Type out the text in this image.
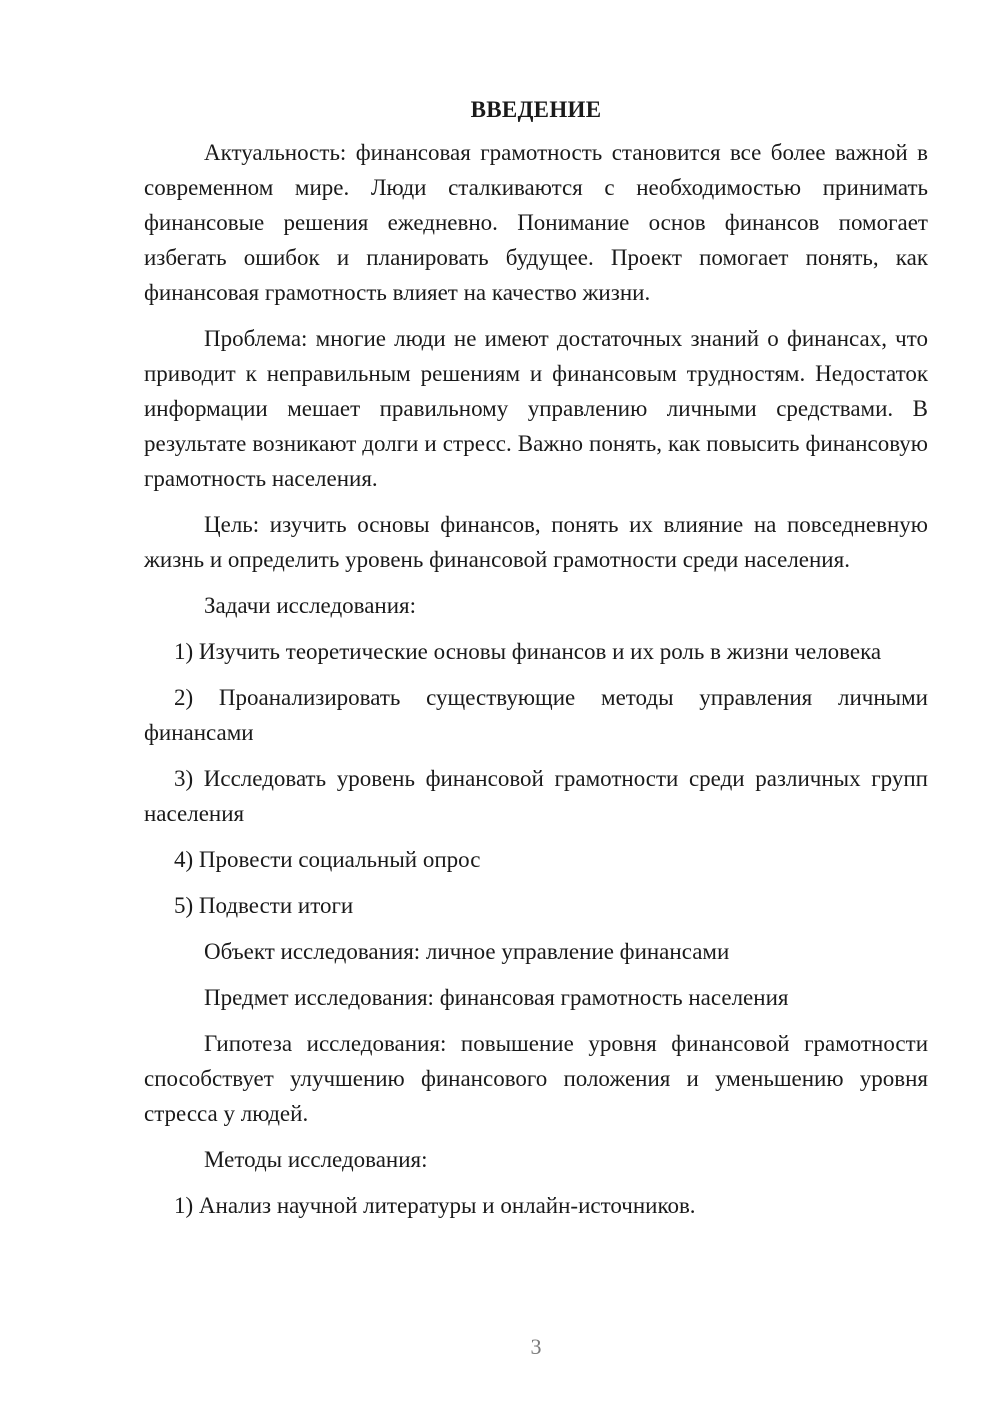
ВВЕДЕНИЕ
Актуальность: финансовая грамотность становится все более важной в современном мире. Люди сталкиваются с необходимостью принимать финансовые решения ежедневно. Понимание основ финансов помогает избегать ошибок и планировать будущее. Проект помогает понять, как финансовая грамотность влияет на качество жизни.
Проблема: многие люди не имеют достаточных знаний о финансах, что приводит к неправильным решениям и финансовым трудностям. Недостаток информации мешает правильному управлению личными средствами. В результате возникают долги и стресс. Важно понять, как повысить финансовую грамотность населения.
Цель: изучить основы финансов, понять их влияние на повседневную жизнь и определить уровень финансовой грамотности среди населения.
Задачи исследования:
1) Изучить теоретические основы финансов и их роль в жизни человека
2) Проанализировать существующие методы управления личными финансами
3) Исследовать уровень финансовой грамотности среди различных групп населения
4) Провести социальный опрос
5) Подвести итоги
Объект исследования: личное управление финансами
Предмет исследования: финансовая грамотность населения
Гипотеза исследования: повышение уровня финансовой грамотности способствует улучшению финансового положения и уменьшению уровня стресса у людей.
Методы исследования:
1) Анализ научной литературы и онлайн-источников.
3
